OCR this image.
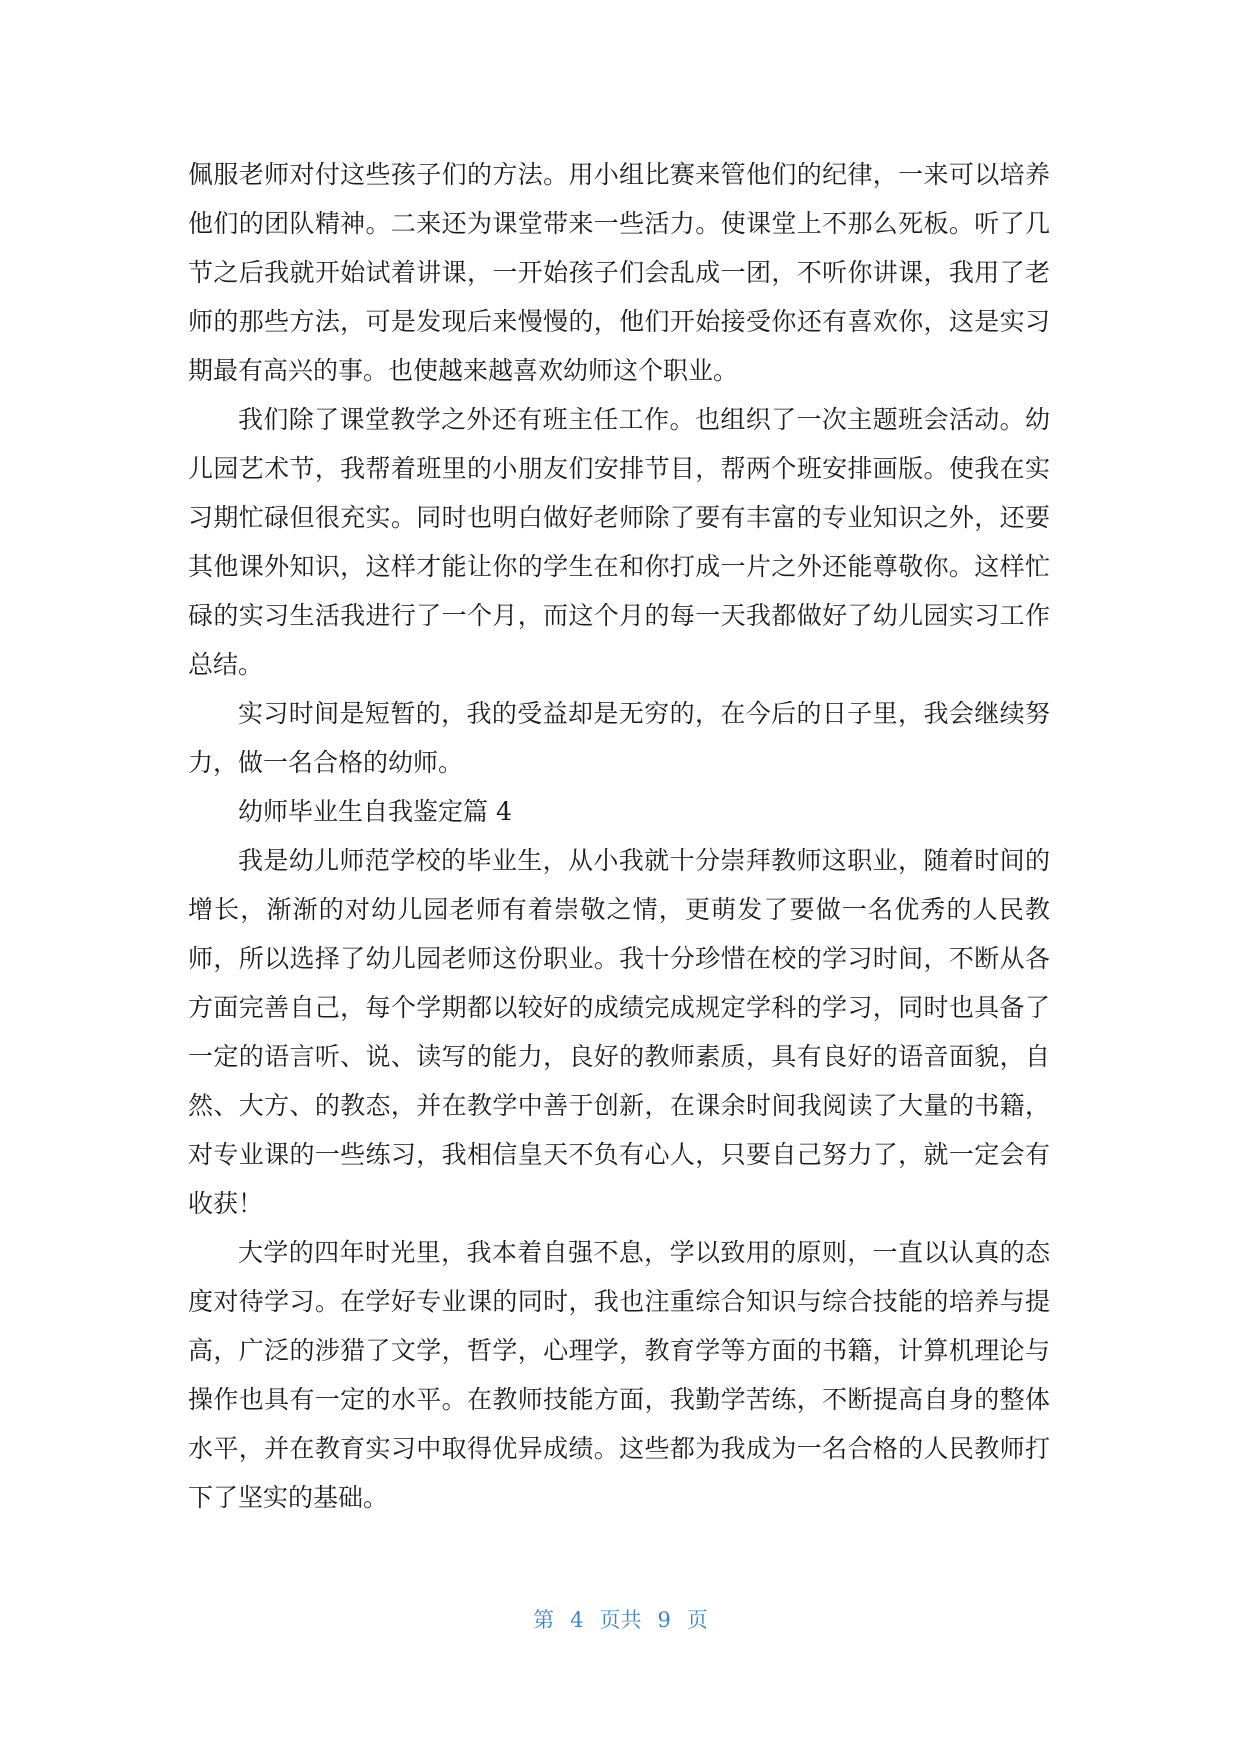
佩服老师对付这些孩子们的方法。用小组比赛来管他们的纪律，一来可以培养他们的团队精神。二来还为课堂带来一些活力。使课堂上不那么死板。听了几节之后我就开始试着讲课，一开始孩子们会乱成一团，不听你讲课，我用了老师的那些方法，可是发现后来慢慢的，他们开始接受你还有喜欢你，这是实习期最有高兴的事。也使越来越喜欢幼师这个职业。

我们除了课堂教学之外还有班主任工作。也组织了一次主题班会活动。幼儿园艺术节，我帮着班里的小朋友们安排节目，帮两个班安排画版。使我在实习期忙碌但很充实。同时也明白做好老师除了要有丰富的专业知识之外，还要其他课外知识，这样才能让你的学生在和你打成一片之外还能尊敬你。这样忙碌的实习生活我进行了一个月，而这个月的每一天我都做好了幼儿园实习工作总结。

实习时间是短暂的，我的受益却是无穷的，在今后的日子里，我会继续努力，做一名合格的幼师。

幼师毕业生自我鉴定篇 4

我是幼儿师范学校的毕业生，从小我就十分崇拜教师这职业，随着时间的增长，渐渐的对幼儿园老师有着崇敬之情，更萌发了要做一名优秀的人民教师，所以选择了幼儿园老师这份职业。我十分珍惜在校的学习时间，不断从各方面完善自己，每个学期都以较好的成绩完成规定学科的学习，同时也具备了一定的语言听、说、读写的能力，良好的教师素质，具有良好的语音面貌，自然、大方、的教态，并在教学中善于创新，在课余时间我阅读了大量的书籍，对专业课的一些练习，我相信皇天不负有心人，只要自己努力了，就一定会有收获！

大学的四年时光里，我本着自强不息，学以致用的原则，一直以认真的态度对待学习。在学好专业课的同时，我也注重综合知识与综合技能的培养与提高，广泛的涉猎了文学，哲学，心理学，教育学等方面的书籍，计算机理论与操作也具有一定的水平。在教师技能方面，我勤学苦练，不断提高自身的整体水平，并在教育实习中取得优异成绩。这些都为我成为一名合格的人民教师打下了坚实的基础。

第 4 页共 9 页
